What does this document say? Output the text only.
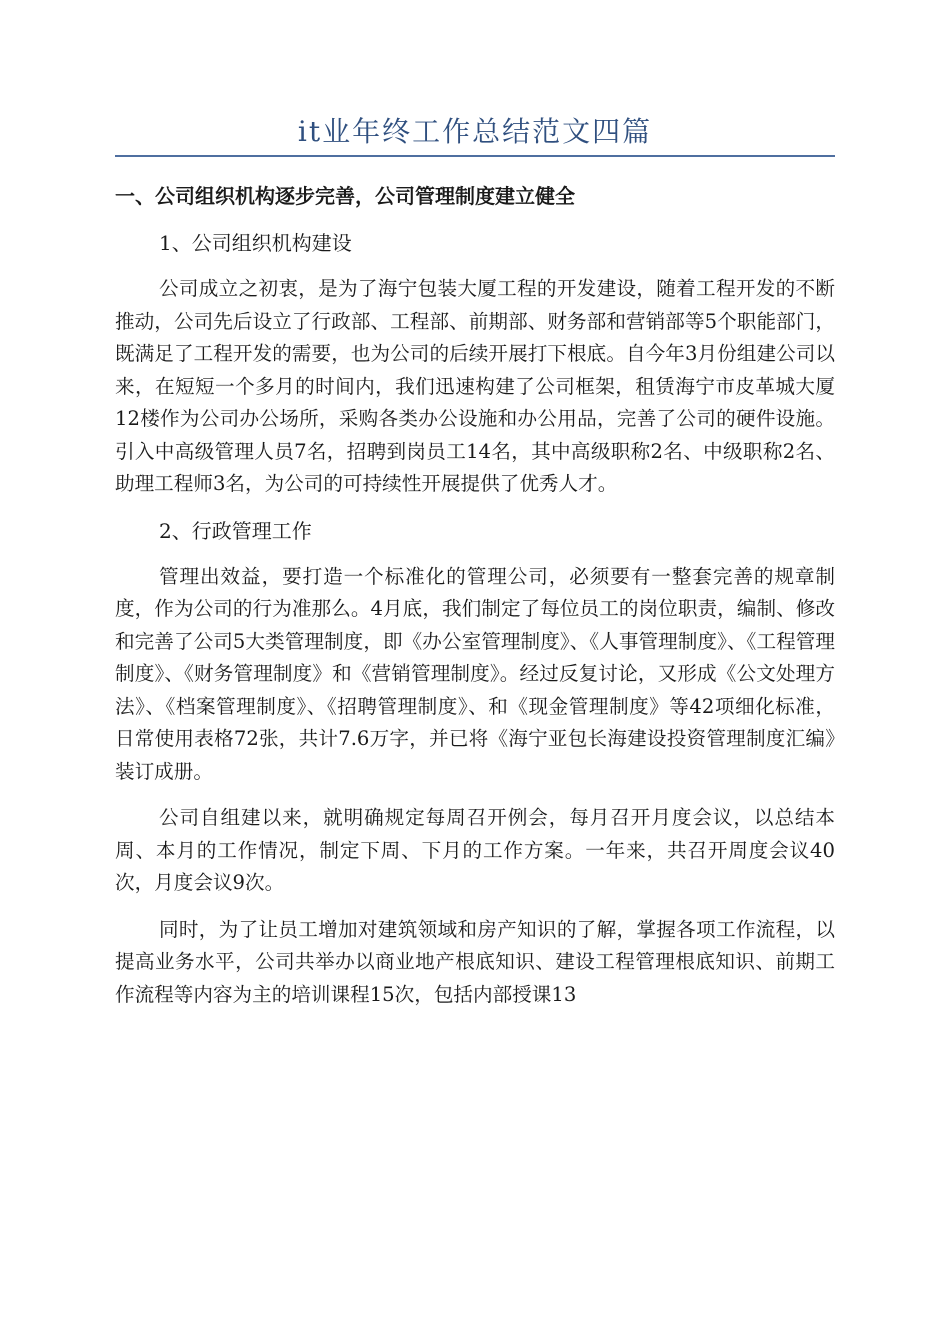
it业年终工作总结范文四篇
一、公司组织机构逐步完善，公司管理制度建立健全
1、公司组织机构建设
公司成立之初衷，是为了海宁包装大厦工程的开发建设，随着工程开发的不断推动，公司先后设立了行政部、工程部、前期部、财务部和营销部等5个职能部门，既满足了工程开发的需要，也为公司的后续开展打下根底。自今年3月份组建公司以来，在短短一个多月的时间内，我们迅速构建了公司框架，租赁海宁市皮革城大厦12楼作为公司办公场所，采购各类办公设施和办公用品，完善了公司的硬件设施。引入中高级管理人员7名，招聘到岗员工14名，其中高级职称2名、中级职称2名、助理工程师3名，为公司的可持续性开展提供了优秀人才。
2、行政管理工作
管理出效益，要打造一个标准化的管理公司，必须要有一整套完善的规章制度，作为公司的行为准那么。4月底，我们制定了每位员工的岗位职责，编制、修改和完善了公司5大类管理制度，即《办公室管理制度》、《人事管理制度》、《工程管理制度》、《财务管理制度》和《营销管理制度》。经过反复讨论，又形成《公文处理方法》、《档案管理制度》、《招聘管理制度》、和《现金管理制度》等42项细化标准，日常使用表格72张，共计7.6万字，并已将《海宁亚包长海建设投资管理制度汇编》装订成册。
公司自组建以来，就明确规定每周召开例会，每月召开月度会议，以总结本周、本月的工作情况，制定下周、下月的工作方案。一年来，共召开周度会议40次，月度会议9次。
同时，为了让员工增加对建筑领域和房产知识的了解，掌握各项工作流程，以提高业务水平，公司共举办以商业地产根底知识、建设工程管理根底知识、前期工作流程等内容为主的培训课程15次，包括内部授课13
